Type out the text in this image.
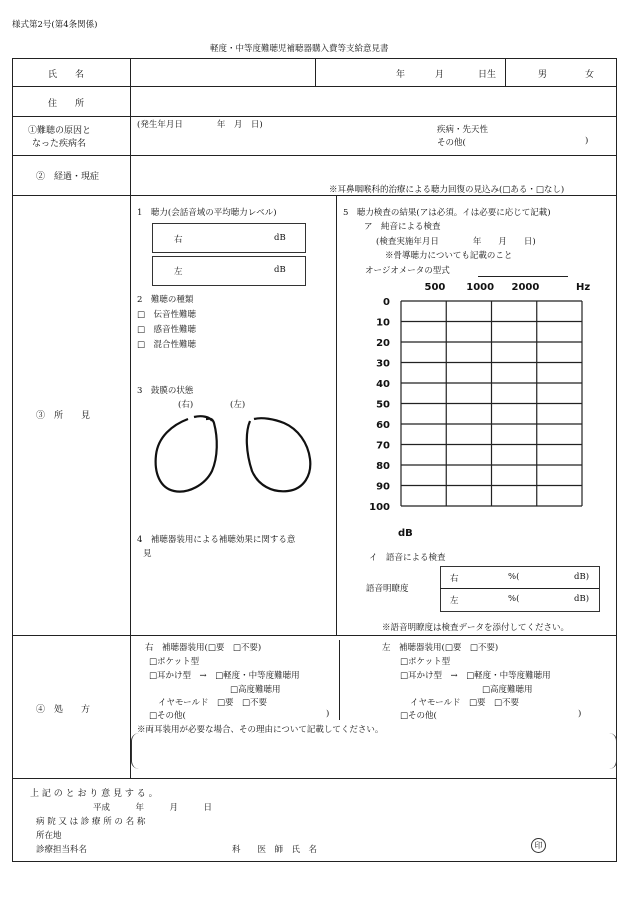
様式第2号(第4条関係)
軽度・中等度難聴児補聴器購入費等支給意見書
氏　　名	年	月	日生	男	女
住　　所
①難聴の原因と
なった疾病名
(発生年月日　　　　年　月　日)	疾病・先天性
その他(	)
②　経過・現症
※耳鼻咽喉科的治療による聴力回復の見込み(□ある・□なし)
③　所　　見
1　聴力(会話音域の平均聴力レベル)
右	dB
左	dB
2　難聴の種類
□　伝音性難聴
□　感音性難聴
□　混合性難聴
3　鼓膜の状態
(右)	(左)
4　補聴器装用による補聴効果に関する意
見
5　聴力検査の結果(アは必須。イは必要に応じて記載)
ア　純音による検査
(検査実施年月日　　　　年　　月　　日)
※骨導聴力についても記載のこと
オージオメータの型式
0
10
20
30
40
50
60
70
80
90
100
500 1000 2000	Hz
dB
イ　語音による検査
語音明瞭度
右	%(	dB)
左	%(	dB)
※語音明瞭度は検査データを添付してください。
④　処　　方
右　補聴器装用(□要　□不要)
□ポケット型
□耳かけ型　→　□軽度・中等度難聴用
□高度難聴用
イヤモールド　□要　□不要
□その他(	)
左　補聴器装用(□要　□不要)
□ポケット型
□耳かけ型　→　□軽度・中等度難聴用
□高度難聴用
イヤモールド　□要　□不要
□その他(	)
※両耳装用が必要な場合、その理由について記載してください。
上 記 の と お り 意 見 す る 。
平成　　　年　　　月　　　日
病 院 又 は 診 療 所 の 名 称
所在地
診療担当科名	科　　医　師　氏　名	印
